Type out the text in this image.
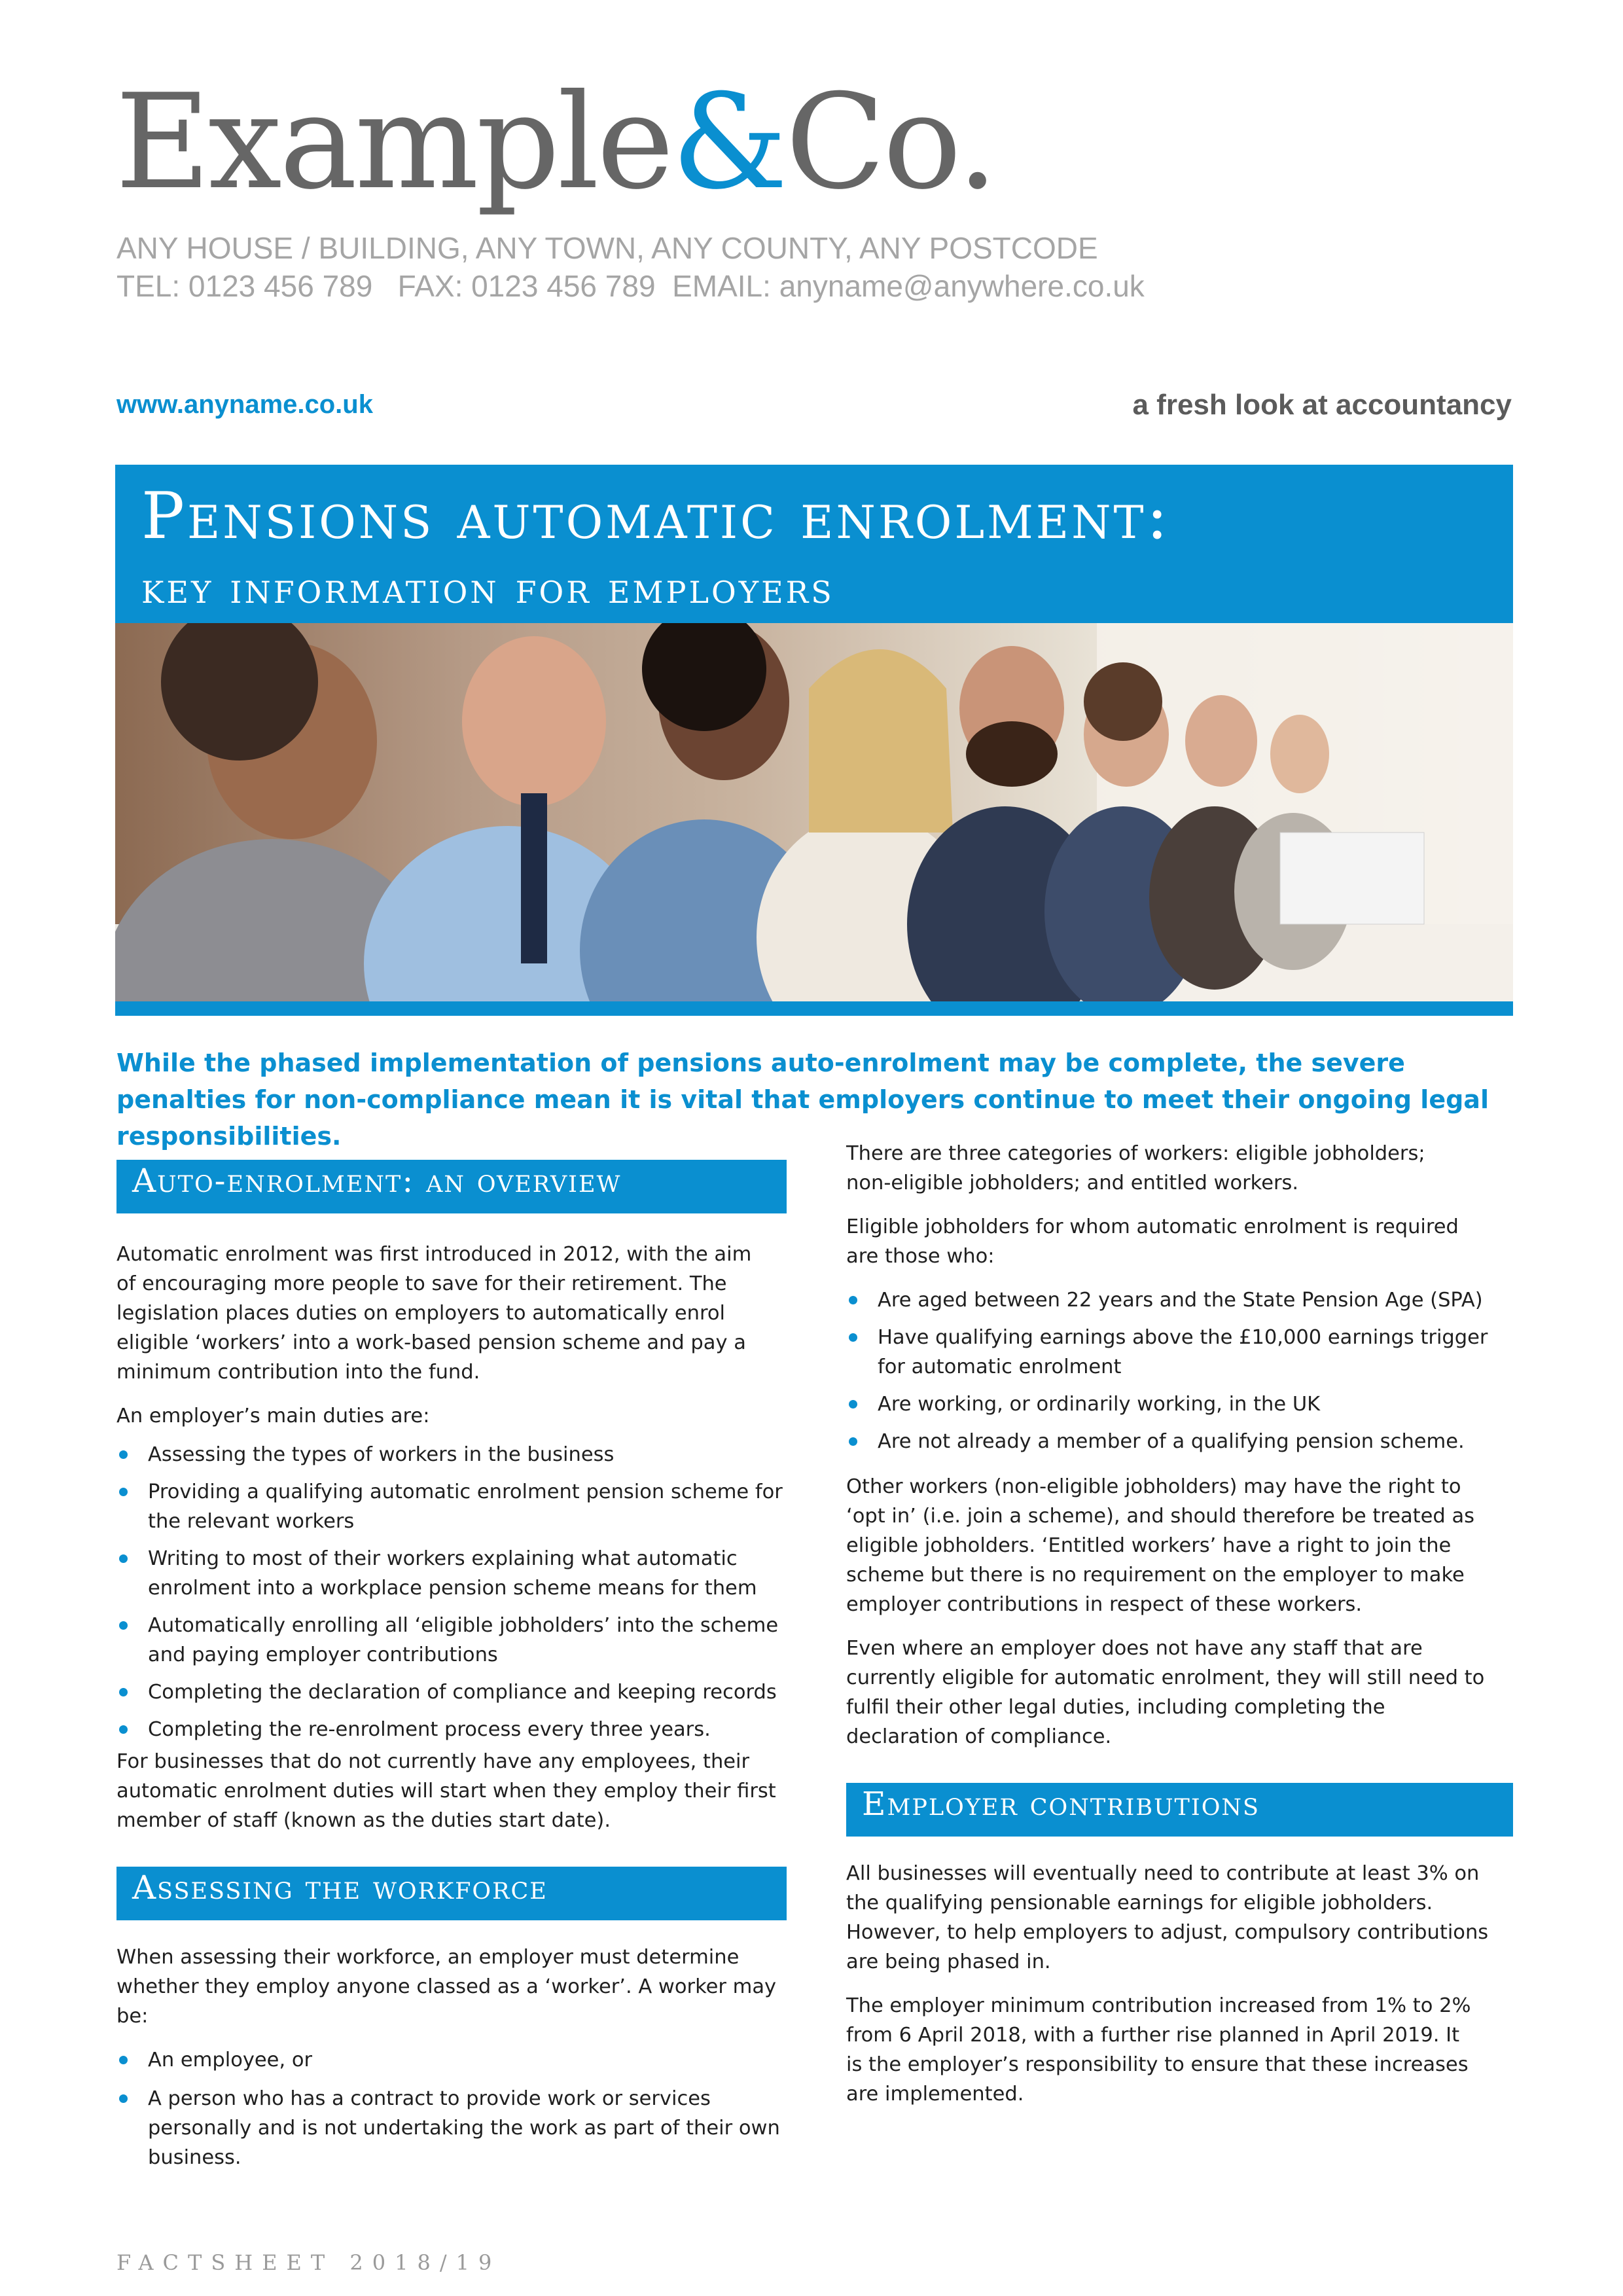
Example&Co.
ANY HOUSE / BUILDING, ANY TOWN, ANY COUNTY, ANY POSTCODE
TEL: 0123 456 789   FAX: 0123 456 789  EMAIL: anyname@anywhere.co.uk
www.anyname.co.uk	a fresh look at accountancy
Pensions automatic enrolment:
key information for employers
While the phased implementation of pensions auto-enrolment may be complete, the severe penalties for non-compliance mean it is vital that employers continue to meet their ongoing legal responsibilities.
Auto-enrolment: an overview

Automatic enrolment was first introduced in 2012, with the aim of encouraging more people to save for their retirement. The legislation places duties on employers to automatically enrol eligible ‘workers’ into a work-based pension scheme and pay a minimum contribution into the fund.

An employer’s main duties are:

Assessing the types of workers in the business
Providing a qualifying automatic enrolment pension scheme for the relevant workers
Writing to most of their workers explaining what automatic enrolment into a workplace pension scheme means for them
Automatically enrolling all ‘eligible jobholders’ into the scheme and paying employer contributions
Completing the declaration of compliance and keeping records
Completing the re-enrolment process every three years.

For businesses that do not currently have any employees, their automatic enrolment duties will start when they employ their first member of staff (known as the duties start date).

Assessing the workforce

When assessing their workforce, an employer must determine whether they employ anyone classed as a ‘worker’. A worker may be:

An employee, or
A person who has a contract to provide work or services personally and is not undertaking the work as part of their own business.

There are three categories of workers: eligible jobholders; non-eligible jobholders; and entitled workers.

Eligible jobholders for whom automatic enrolment is required are those who:

Are aged between 22 years and the State Pension Age (SPA)
Have qualifying earnings above the £10,000 earnings trigger for automatic enrolment
Are working, or ordinarily working, in the UK
Are not already a member of a qualifying pension scheme.

Other workers (non-eligible jobholders) may have the right to ‘opt in’ (i.e. join a scheme), and should therefore be treated as eligible jobholders. ‘Entitled workers’ have a right to join the scheme but there is no requirement on the employer to make employer contributions in respect of these workers.

Even where an employer does not have any staff that are currently eligible for automatic enrolment, they will still need to fulfil their other legal duties, including completing the declaration of compliance.

Employer contributions

All businesses will eventually need to contribute at least 3% on the qualifying pensionable earnings for eligible jobholders. However, to help employers to adjust, compulsory contributions are being phased in.

The employer minimum contribution increased from 1% to 2% from 6 April 2018, with a further rise planned in April 2019. It is the employer’s responsibility to ensure that these increases are implemented.

FACTSHEET 2018/19
